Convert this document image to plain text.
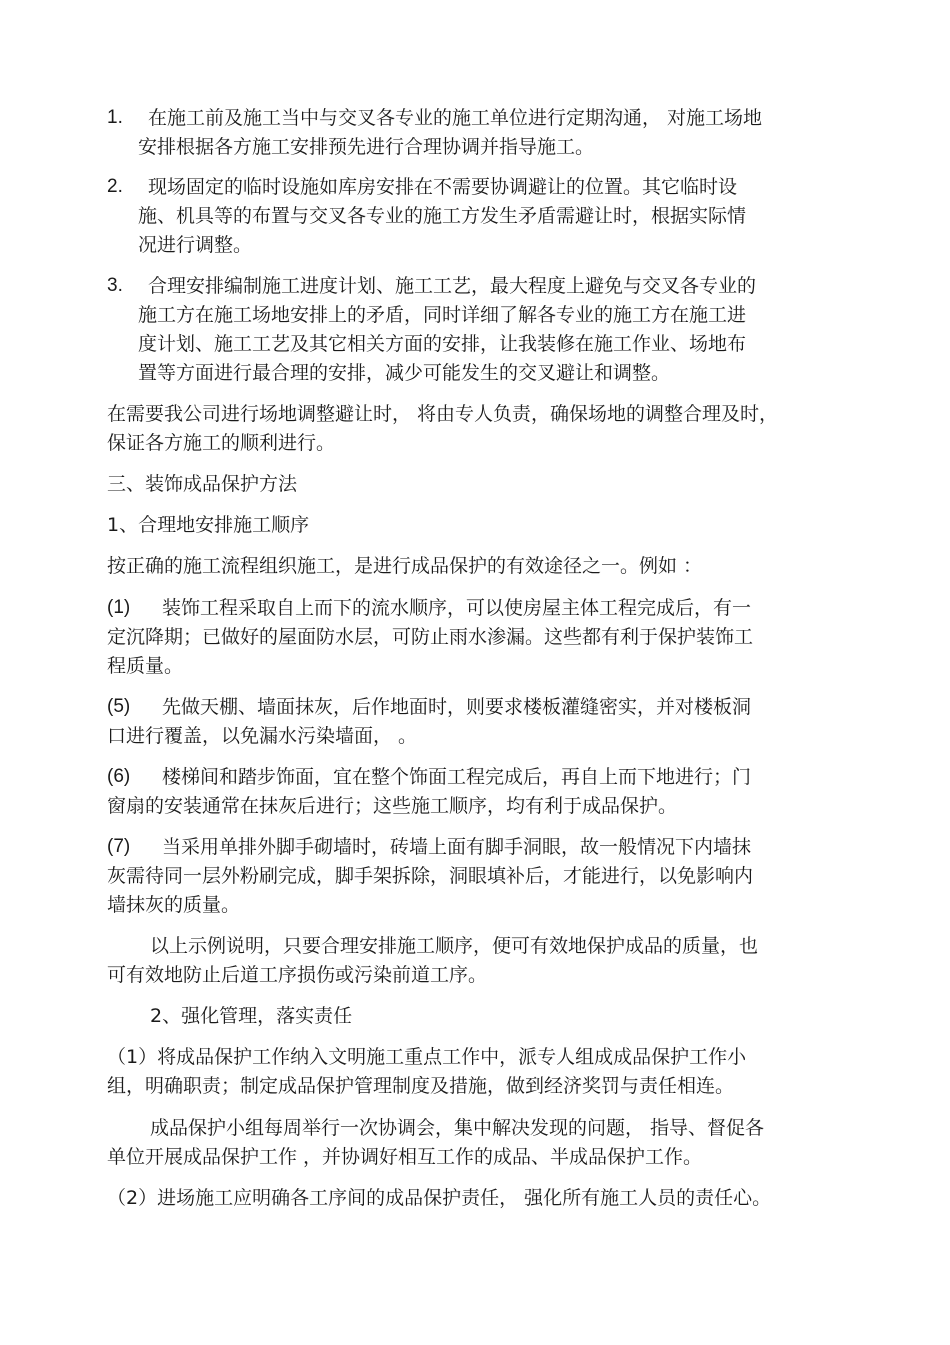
1. 在施工前及施工当中与交叉各专业的施工单位进行定期沟通， 对施工场地

安排根据各方施工安排预先进行合理协调并指导施工。

2. 现场固定的临时设施如库房安排在不需要协调避让的位置。其它临时设

施、机具等的布置与交叉各专业的施工方发生矛盾需避让时，根据实际情

况进行调整。

3. 合理安排编制施工进度计划、施工工艺，最大程度上避免与交叉各专业的

施工方在施工场地安排上的矛盾，同时详细了解各专业的施工方在施工进

度计划、施工工艺及其它相关方面的安排，让我装修在施工作业、场地布

置等方面进行最合理的安排，减少可能发生的交叉避让和调整。

在需要我公司进行场地调整避让时， 将由专人负责，确保场地的调整合理及时，

保证各方施工的顺利进行。

三、装饰成品保护方法

1、合理地安排施工顺序

按正确的施工流程组织施工，是进行成品保护的有效途径之一。例如 ：

(1) 装饰工程采取自上而下的流水顺序，可以使房屋主体工程完成后，有一

定沉降期；已做好的屋面防水层，可防止雨水渗漏。这些都有利于保护装饰工

程质量。

(5) 先做天棚、墙面抹灰，后作地面时，则要求楼板灌缝密实，并对楼板洞

口进行覆盖，以免漏水污染墙面， 。

(6) 楼梯间和踏步饰面，宜在整个饰面工程完成后，再自上而下地进行；门

窗扇的安装通常在抹灰后进行；这些施工顺序，均有利于成品保护。

(7) 当采用单排外脚手砌墙时，砖墙上面有脚手洞眼，故一般情况下内墙抹

灰需待同一层外粉刷完成，脚手架拆除，洞眼填补后，才能进行，以免影响内

墙抹灰的质量。

以上示例说明，只要合理安排施工顺序，便可有效地保护成品的质量，也

可有效地防止后道工序损伤或污染前道工序。

2、强化管理，落实责任

（1）将成品保护工作纳入文明施工重点工作中，派专人组成成品保护工作小

组，明确职责；制定成品保护管理制度及措施，做到经济奖罚与责任相连。

成品保护小组每周举行一次协调会，集中解决发现的问题， 指导、督促各

单位开展成品保护工作 ，并协调好相互工作的成品、半成品保护工作。

（2）进场施工应明确各工序间的成品保护责任， 强化所有施工人员的责任心。
